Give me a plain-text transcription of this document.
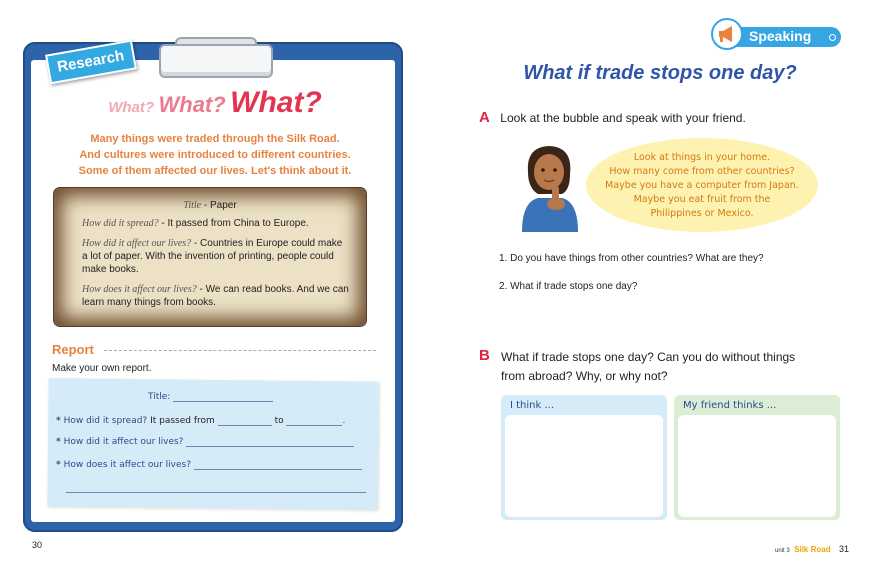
Research
What? What? What?
Many things were traded through the Silk Road.
And cultures were introduced to different countries.
Some of them affected our lives. Let's think about it.
Title - Paper
How did it spread? - It passed from China to Europe.
How did it affect our lives? - Countries in Europe could make a lot of paper. With the invention of printing, people could make books.
How does it affect our lives? - We can read books. And we can learn many things from books.
Report
Make your own report.
Title:
* How did it spread? It passed from	to	.
* How did it affect our lives?
* How does it affect our lives?
30
Speaking
What if trade stops one day?
A Look at the bubble and speak with your friend.
Look at things in your home.
How many come from other countries?
Maybe you have a computer from Japan.
Maybe you eat fruit from the
Philippines or Mexico.
1. Do you have things from other countries? What are they?
2. What if trade stops one day?
B What if trade stops one day? Can you do without things
from abroad? Why, or why not?
I think ...	My friend thinks ...
unit 3 Silk Road 31
